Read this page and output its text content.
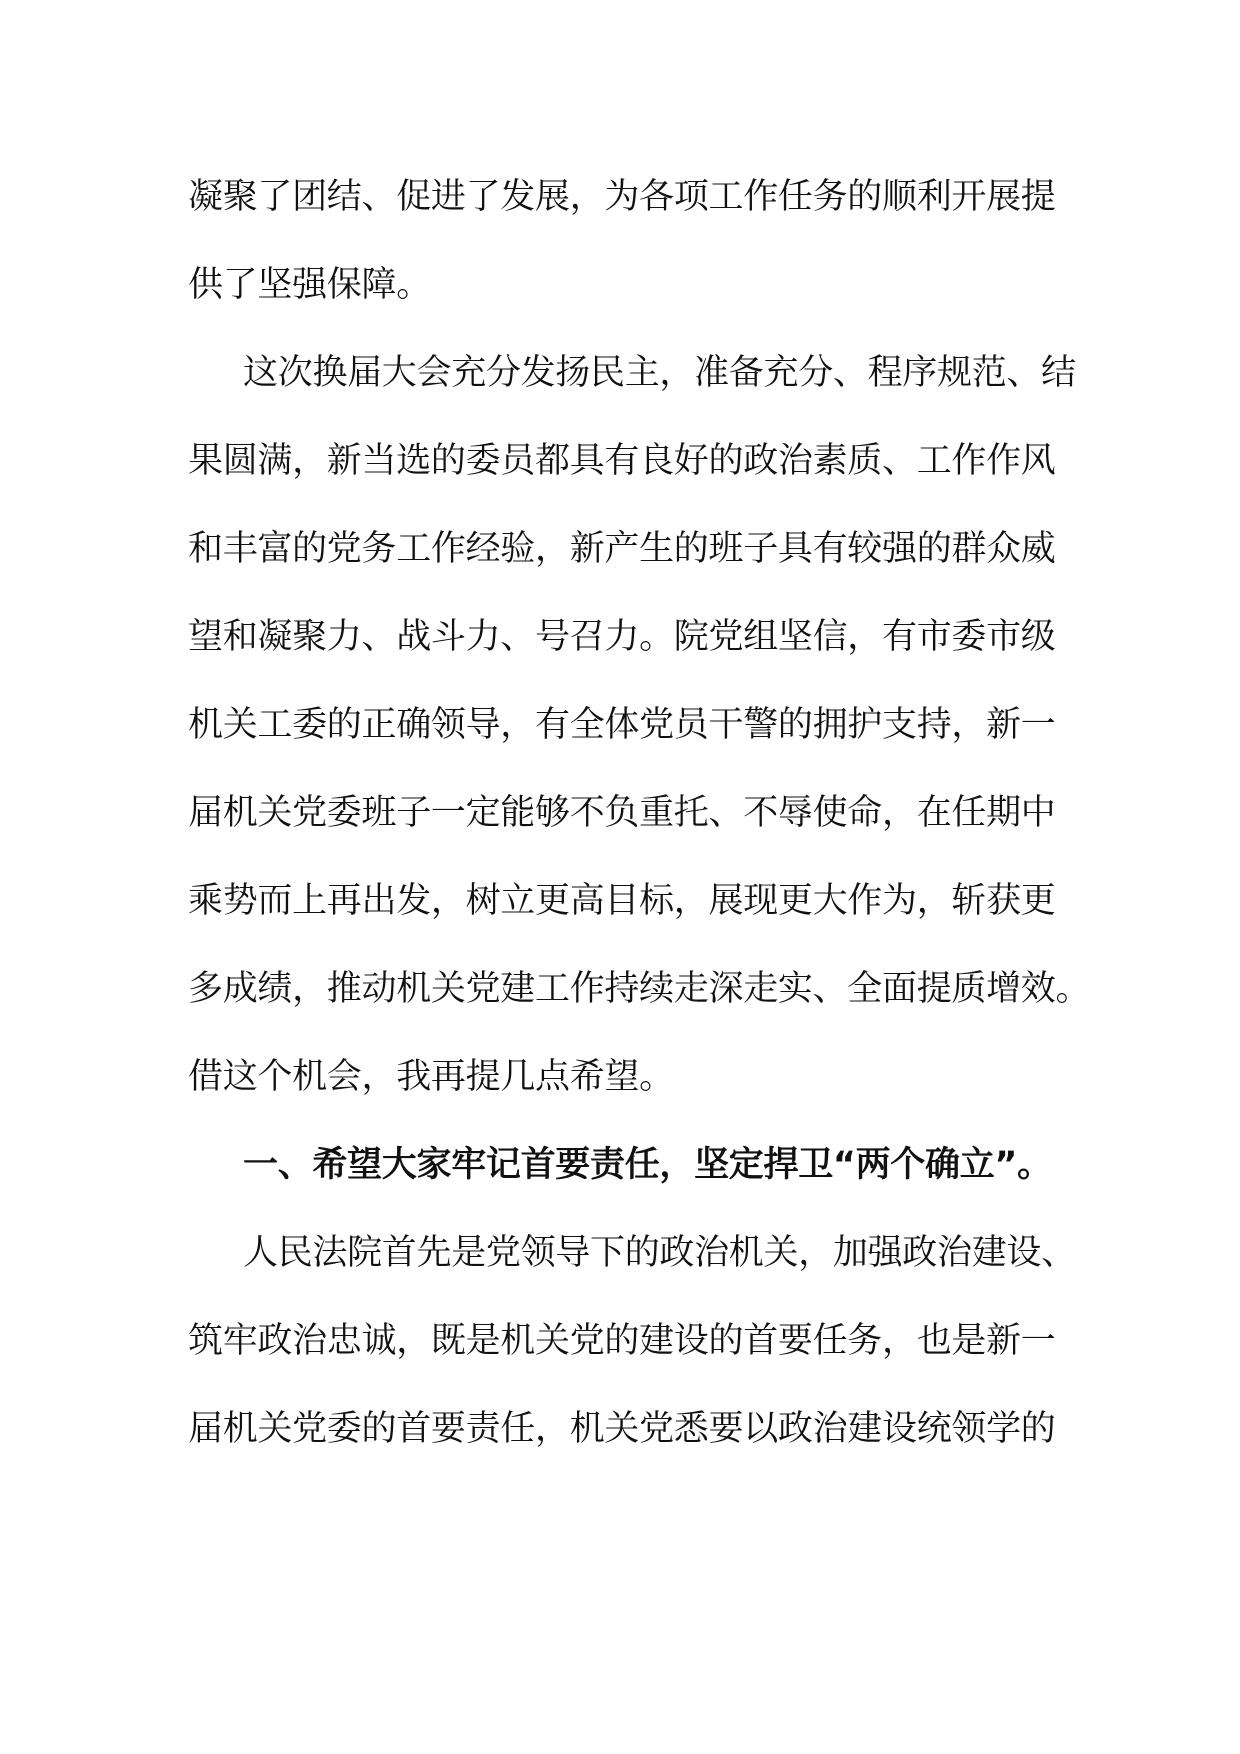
凝聚了团结、促进了发展，为各项工作任务的顺利开展提
供了坚强保障。
这次换届大会充分发扬民主，准备充分、程序规范、结
果圆满，新当选的委员都具有良好的政治素质、工作作风
和丰富的党务工作经验，新产生的班子具有较强的群众威
望和凝聚力、战斗力、号召力。院党组坚信，有市委市级
机关工委的正确领导，有全体党员干警的拥护支持，新一
届机关党委班子一定能够不负重托、不辱使命，在任期中
乘势而上再出发，树立更高目标，展现更大作为，斩获更
多成绩，推动机关党建工作持续走深走实、全面提质增效。
借这个机会，我再提几点希望。
一、希望大家牢记首要责任，坚定捍卫“两个确立”。
人民法院首先是党领导下的政治机关，加强政治建设、
筑牢政治忠诚，既是机关党的建设的首要任务，也是新一
届机关党委的首要责任，机关党悉要以政治建设统领学的
